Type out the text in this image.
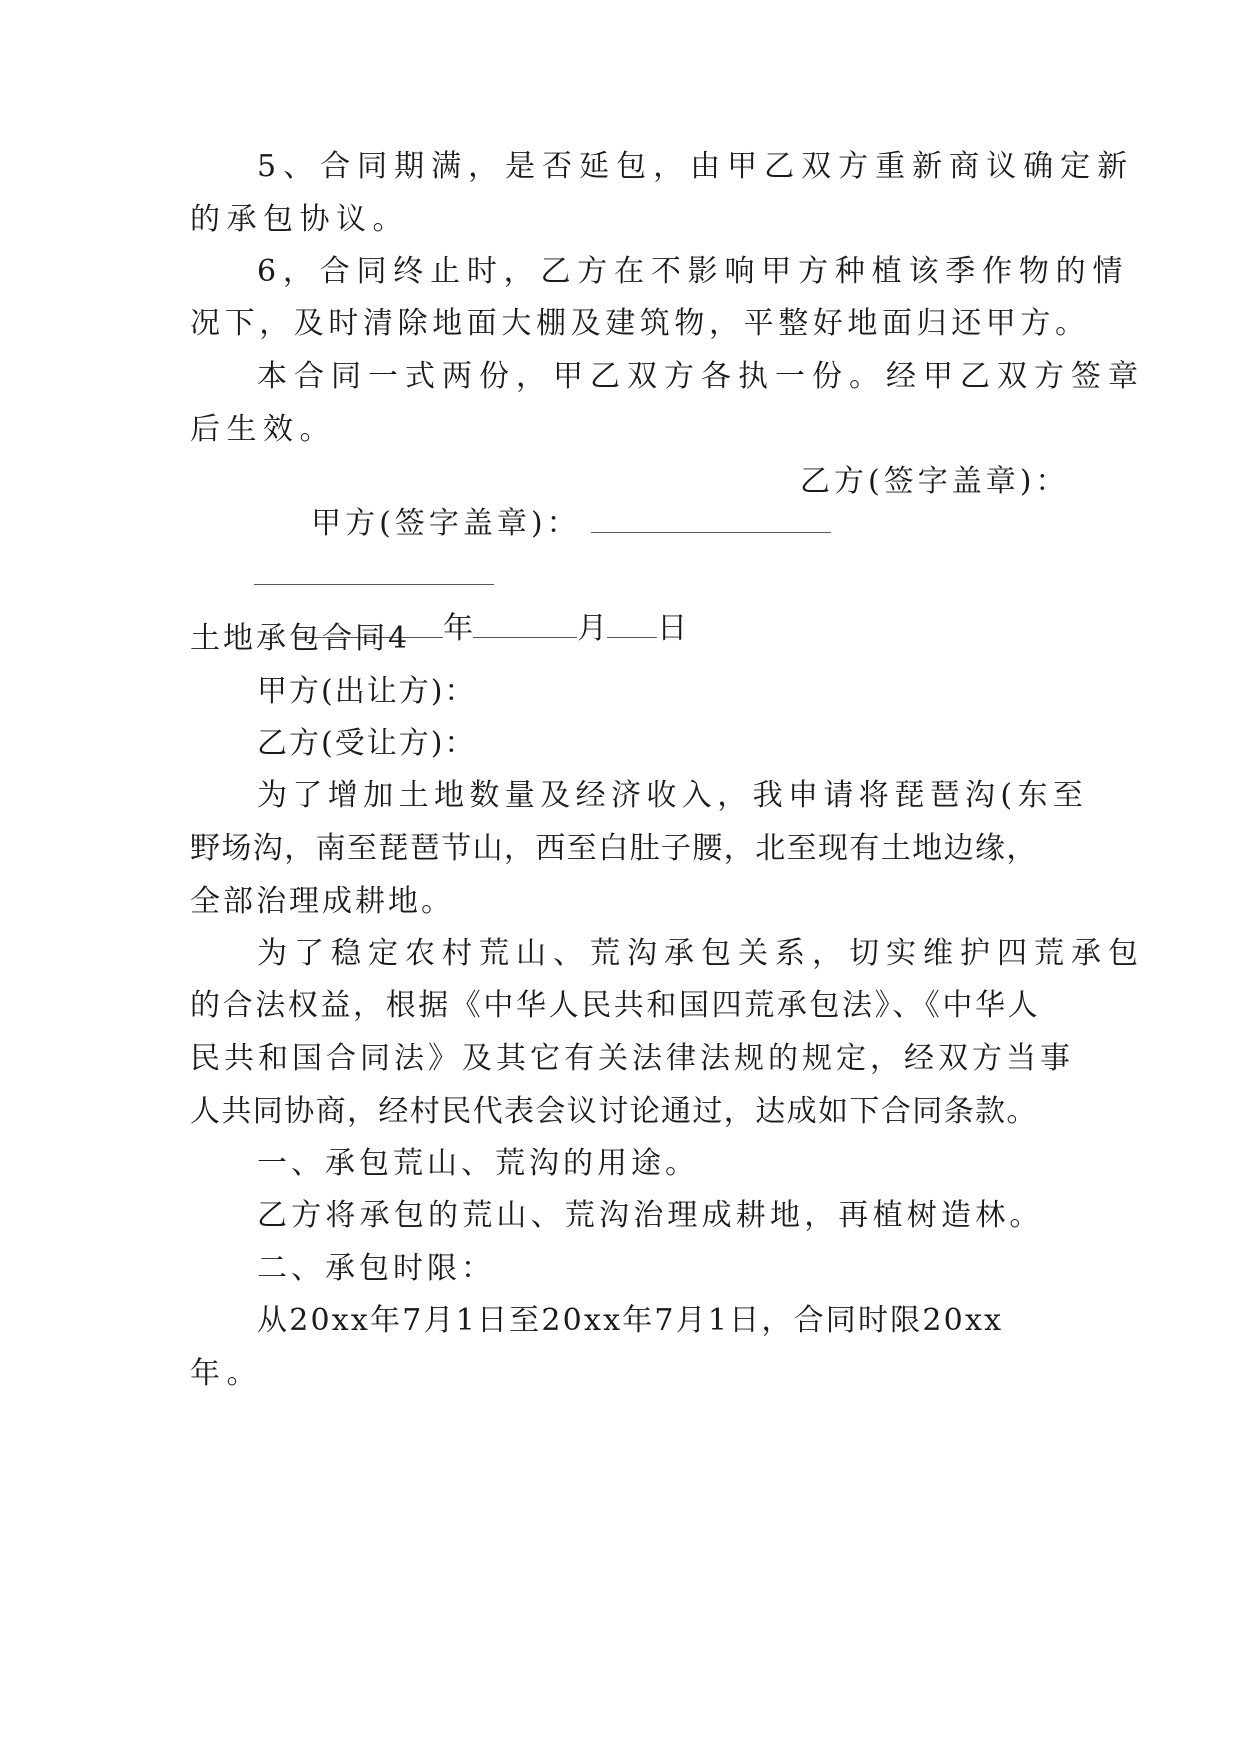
5、合同期满，是否延包，由甲乙双方重新商议确定新
的承包协议。
6，合同终止时，乙方在不影响甲方种植该季作物的情
况下，及时清除地面大棚及建筑物，平整好地面归还甲方。
本合同一式两份，甲乙双方各执一份。经甲乙双方签章
后生效。

甲方(签字盖章)：

乙方(签字盖章)：

年	月 日

土地承包合同4
甲方(出让方)：
乙方(受让方)：
为了增加土地数量及经济收入，我申请将琵琶沟(东至
野场沟，南至琵琶节山，西至白肚子腰，北至现有土地边缘，
全部治理成耕地。
为了稳定农村荒山、荒沟承包关系，切实维护四荒承包
的合法权益，根据《中华人民共和国四荒承包法》、《中华人
民共和国合同法》及其它有关法律法规的规定，经双方当事
人共同协商，经村民代表会议讨论通过，达成如下合同条款。
一、承包荒山、荒沟的用途。
乙方将承包的荒山、荒沟治理成耕地，再植树造林。
二、承包时限：
从20xx年7月1日至20xx年7月1日，合同时限20xx
年。
